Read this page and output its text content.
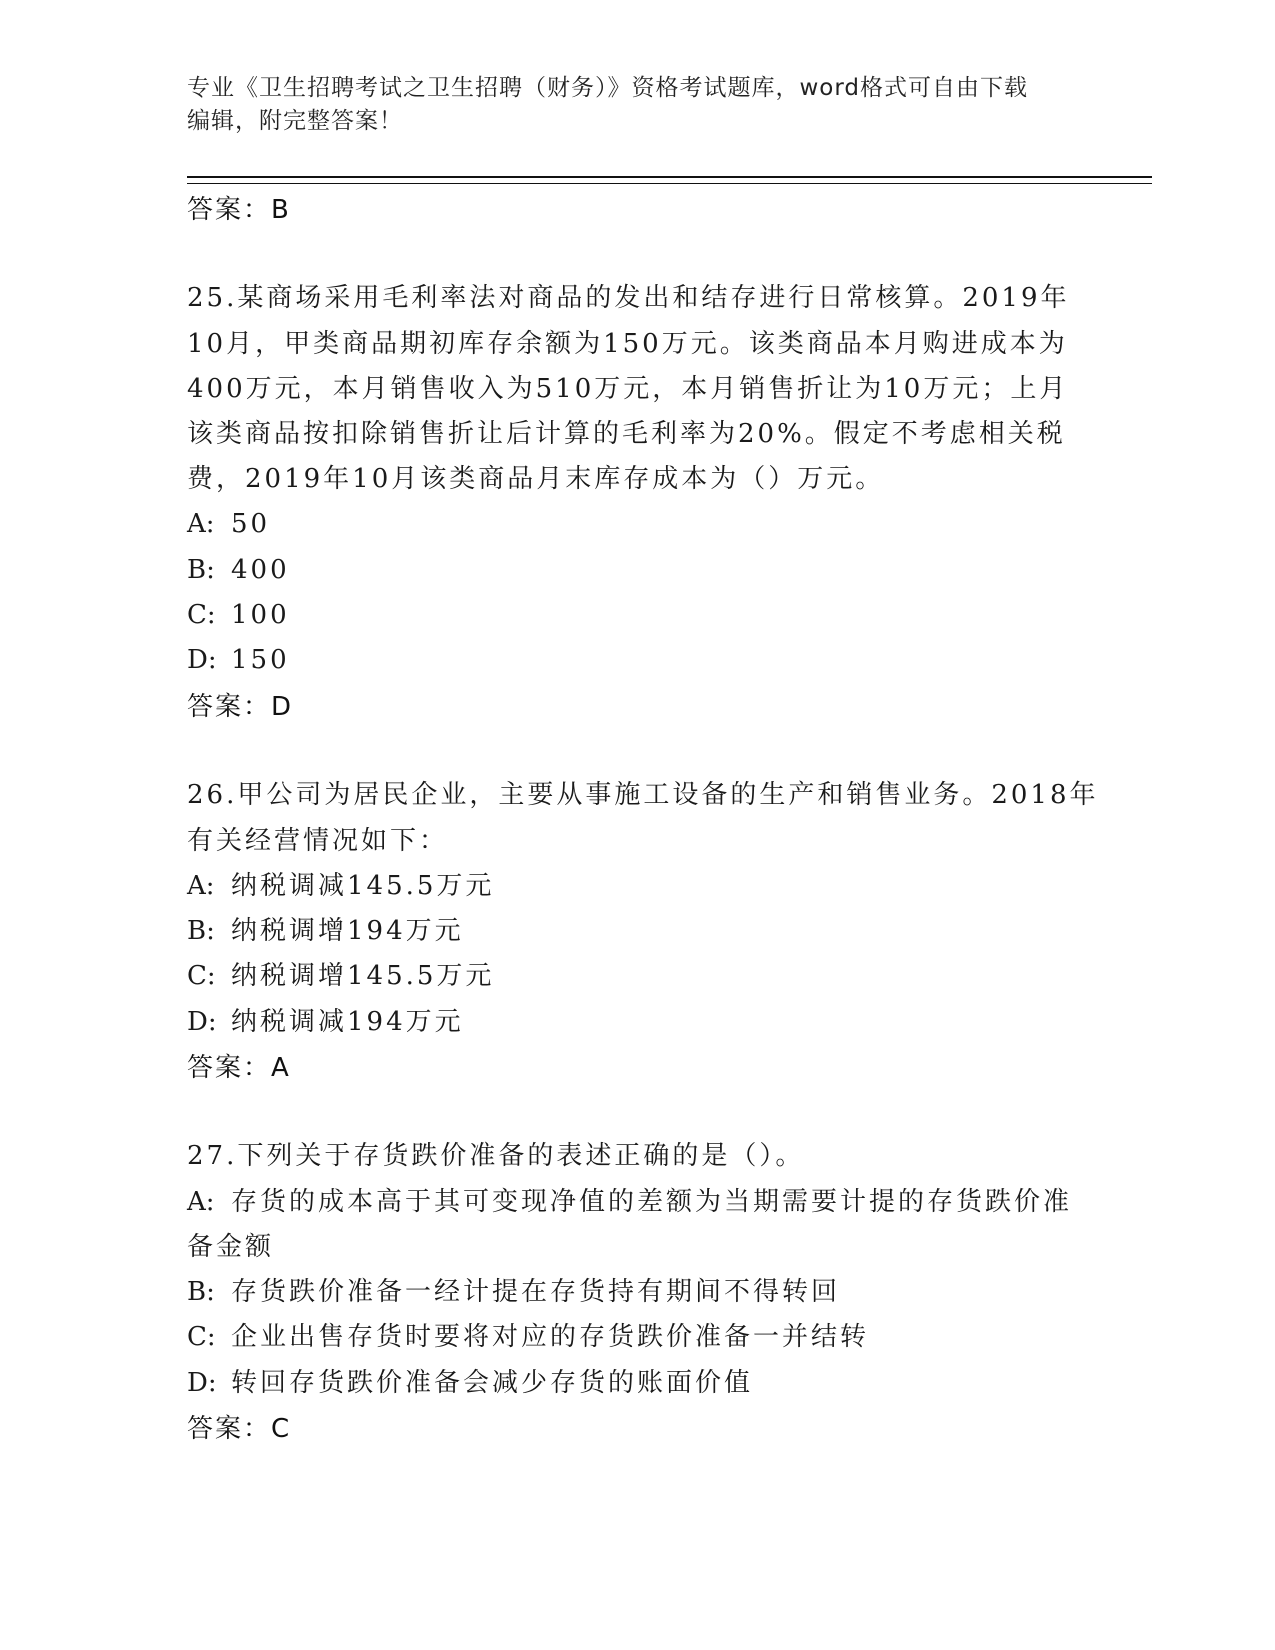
专业《卫生招聘考试之卫生招聘（财务）》资格考试题库，word格式可自由下载
编辑，附完整答案！
答案：B
25.某商场采用毛利率法对商品的发出和结存进行日常核算。2019年
10月，甲类商品期初库存余额为150万元。该类商品本月购进成本为
400万元，本月销售收入为510万元，本月销售折让为10万元；上月
该类商品按扣除销售折让后计算的毛利率为20%。假定不考虑相关税
费，2019年10月该类商品月末库存成本为（）万元。
A: 50
B: 400
C: 100
D: 150
答案：D
26.甲公司为居民企业，主要从事施工设备的生产和销售业务。2018年
有关经营情况如下：
A: 纳税调减145.5万元
B: 纳税调增194万元
C: 纳税调增145.5万元
D: 纳税调减194万元
答案：A
27.下列关于存货跌价准备的表述正确的是（）。
A: 存货的成本高于其可变现净值的差额为当期需要计提的存货跌价准
备金额
B: 存货跌价准备一经计提在存货持有期间不得转回
C: 企业出售存货时要将对应的存货跌价准备一并结转
D: 转回存货跌价准备会减少存货的账面价值
答案：C
